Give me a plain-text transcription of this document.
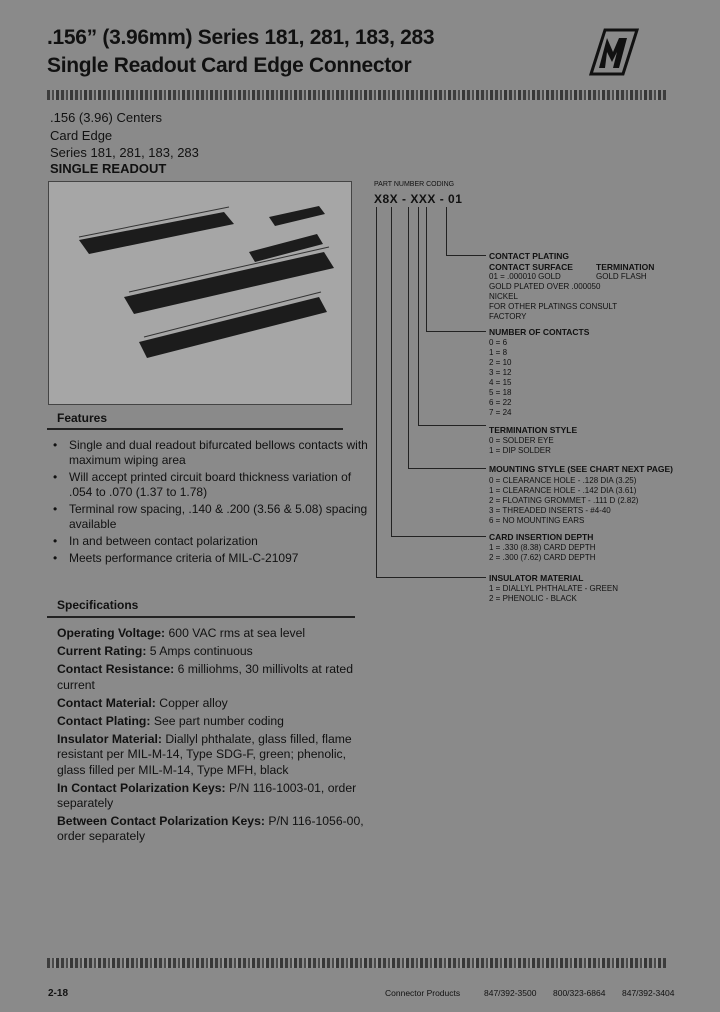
.156” (3.96mm) Series 181, 281, 183, 283
Single Readout Card Edge Connector
.156 (3.96) Centers
Card Edge
Series 181, 281, 183, 283
SINGLE READOUT
Features
• Single and dual readout bifurcated bellows contacts with maximum wiping area
• Will accept printed circuit board thickness variation of .054 to .070 (1.37 to 1.78)
• Terminal row spacing, .140 & .200 (3.56 & 5.08) spacing available
• In and between contact polarization
• Meets performance criteria of MIL-C-21097
Specifications

Operating Voltage: 600 VAC rms at sea level

Current Rating: 5 Amps continuous

Contact Resistance: 6 milliohms, 30 millivolts at rated current

Contact Material: Copper alloy

Contact Plating: See part number coding

Insulator Material: Diallyl phthalate, glass filled, flame resistant per MIL-M-14, Type SDG-F, green; phenolic, glass filled per MIL-M-14, Type MFH, black

In Contact Polarization Keys: P/N 116-1003-01, order separately

Between Contact Polarization Keys: P/N 116-1056-00, order separately

PART NUMBER CODING
X8X - XXX - 01
CONTACT PLATING
CONTACT SURFACE	TERMINATION
01 = .000010 GOLD	GOLD FLASH
GOLD PLATED OVER .000050
NICKEL
FOR OTHER PLATINGS CONSULT
FACTORY
NUMBER OF CONTACTS
0 = 6
1 = 8
2 = 10
3 = 12
4 = 15
5 = 18
6 = 22
7 = 24
TERMINATION STYLE
0 = SOLDER EYE
1 = DIP SOLDER
MOUNTING STYLE (SEE CHART NEXT PAGE)
0 = CLEARANCE HOLE - .128 DIA (3.25)
1 = CLEARANCE HOLE - .142 DIA (3.61)
2 = FLOATING GROMMET - .111 D (2.82)
3 = THREADED INSERTS - #4-40
6 = NO MOUNTING EARS
CARD INSERTION DEPTH
1 = .330 (8.38) CARD DEPTH
2 = .300 (7.62) CARD DEPTH
INSULATOR MATERIAL
1 = DIALLYL PHTHALATE - GREEN
2 = PHENOLIC - BLACK
2-18	Connector Products	847/392-3500 800/323-6864 847/392-3404
